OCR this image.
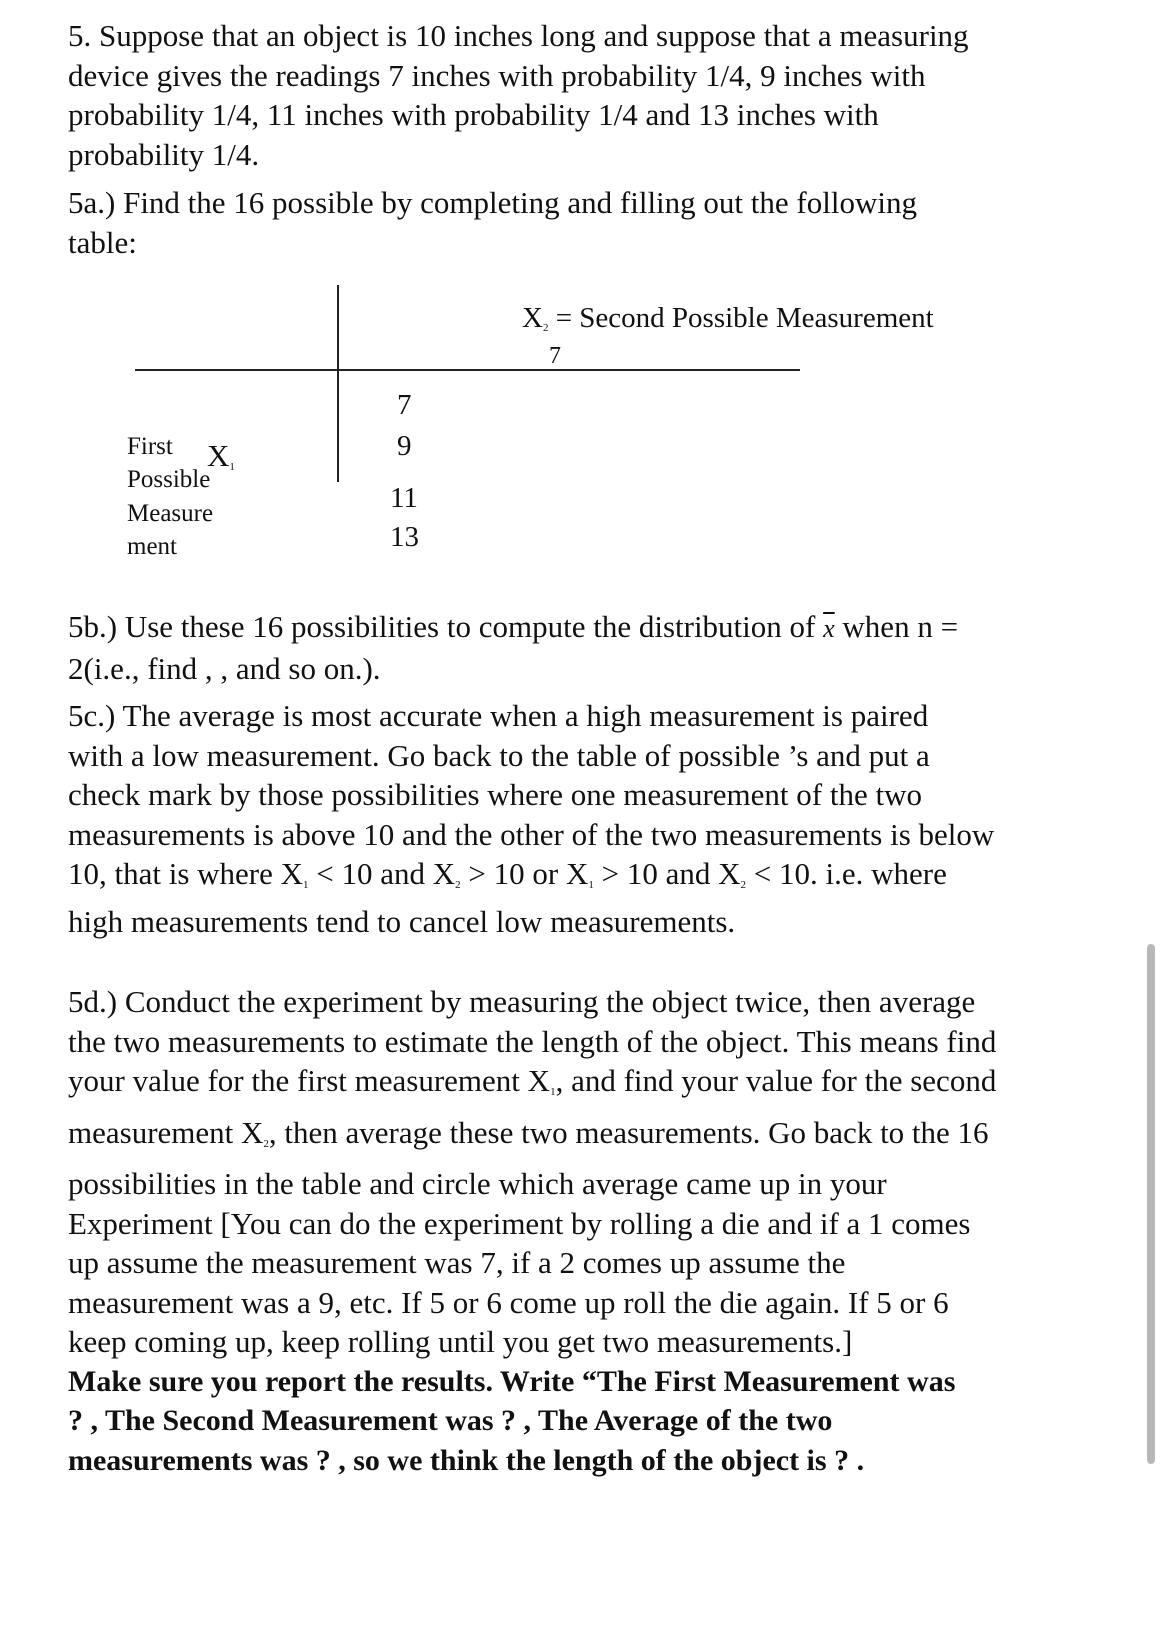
5. Suppose that an object is 10 inches long and suppose that a measuring
device gives the readings 7 inches with probability 1/4, 9 inches with
probability 1/4, 11 inches with probability 1/4 and 13 inches with
probability 1/4.
5a.) Find the 16 possible by completing and filling out the following
table:
$X_2$ = Second Possible Measurement
7
7
9
11
13
First
Possible
Measure
ment
$X_1$
5b.) Use these 16 possibilities to compute the distribution of $\overline{x}$ when n =
2(i.e., find , , and so on.).
5c.) The average is most accurate when a high measurement is paired
with a low measurement. Go back to the table of possible ’s and put a
check mark by those possibilities where one measurement of the two
measurements is above 10 and the other of the two measurements is below
10, that is where $X_1 < 10$ and $X_2 > 10$ or $X_1 > 10$ and $X_2 < 10$. i.e. where
high measurements tend to cancel low measurements.
5d.) Conduct the experiment by measuring the object twice, then average
the two measurements to estimate the length of the object. This means find
your value for the first measurement $X_1$, and find your value for the second
measurement $X_2$, then average these two measurements. Go back to the 16
possibilities in the table and circle which average came up in your
Experiment [You can do the experiment by rolling a die and if a 1 comes
up assume the measurement was 7, if a 2 comes up assume the
measurement was a 9, etc. If 5 or 6 come up roll the die again. If 5 or 6
keep coming up, keep rolling until you get two measurements.]
Make sure you report the results. Write “The First Measurement was
? , The Second Measurement was ? , The Average of the two
measurements was ? , so we think the length of the object is ? .
